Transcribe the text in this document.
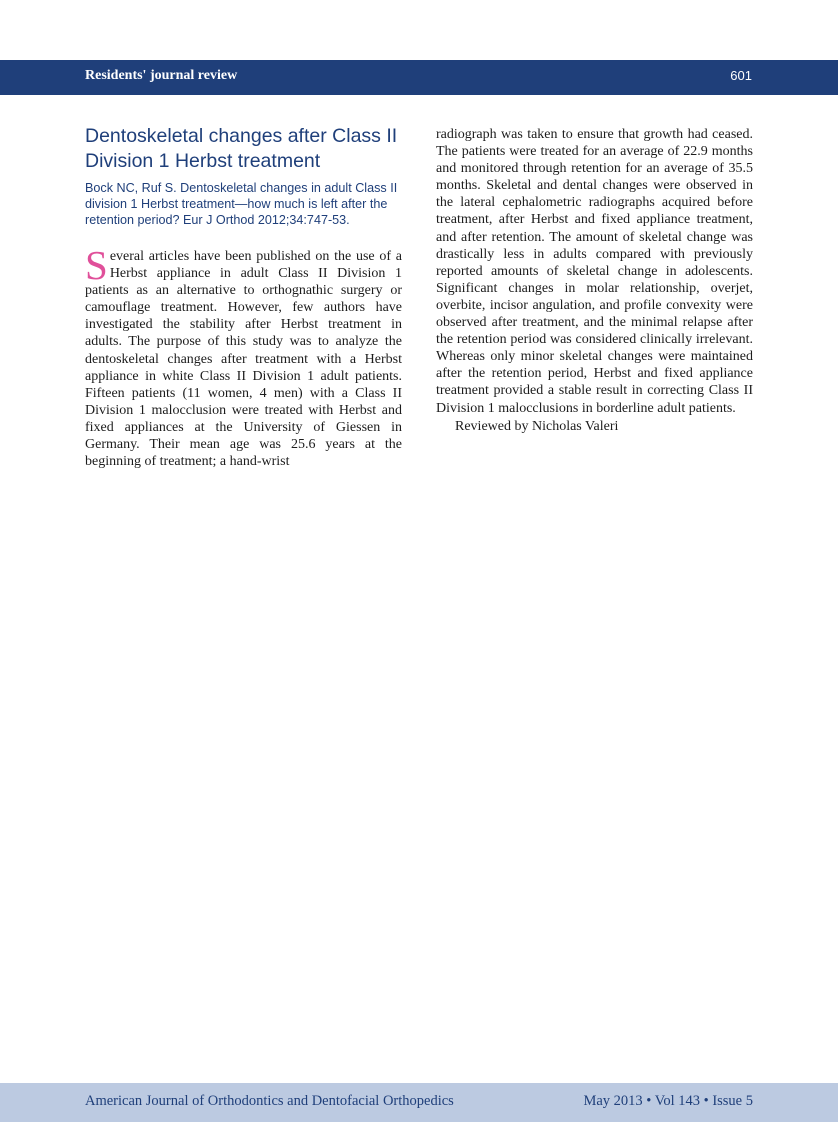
Residents' journal review	601
Dentoskeletal changes after Class II Division 1 Herbst treatment

Bock NC, Ruf S. Dentoskeletal changes in adult Class II division 1 Herbst treatment—how much is left after the retention period? Eur J Orthod 2012;34:747-53.

Several articles have been published on the use of a Herbst appliance in adult Class II Division 1 patients as an alternative to orthognathic surgery or camouflage treatment. However, few authors have investigated the stability after Herbst treatment in adults. The purpose of this study was to analyze the dentoskeletal changes after treatment with a Herbst appliance in white Class II Division 1 adult patients. Fifteen patients (11 women, 4 men) with a Class II Division 1 malocclusion were treated with Herbst and fixed appliances at the University of Giessen in Germany. Their mean age was 25.6 years at the beginning of treatment; a hand-wrist

radiograph was taken to ensure that growth had ceased. The patients were treated for an average of 22.9 months and monitored through retention for an average of 35.5 months. Skeletal and dental changes were observed in the lateral cephalometric radiographs acquired before treatment, after Herbst and fixed appliance treatment, and after retention. The amount of skeletal change was drastically less in adults compared with previously reported amounts of skeletal change in adolescents. Significant changes in molar relationship, overjet, overbite, incisor angulation, and profile convexity were observed after treatment, and the minimal relapse after the retention period was considered clinically irrelevant. Whereas only minor skeletal changes were maintained after the retention period, Herbst and fixed appliance treatment provided a stable result in correcting Class II Division 1 malocclusions in borderline adult patients.

Reviewed by Nicholas Valeri

American Journal of Orthodontics and Dentofacial Orthopedics	May 2013 • Vol 143 • Issue 5
